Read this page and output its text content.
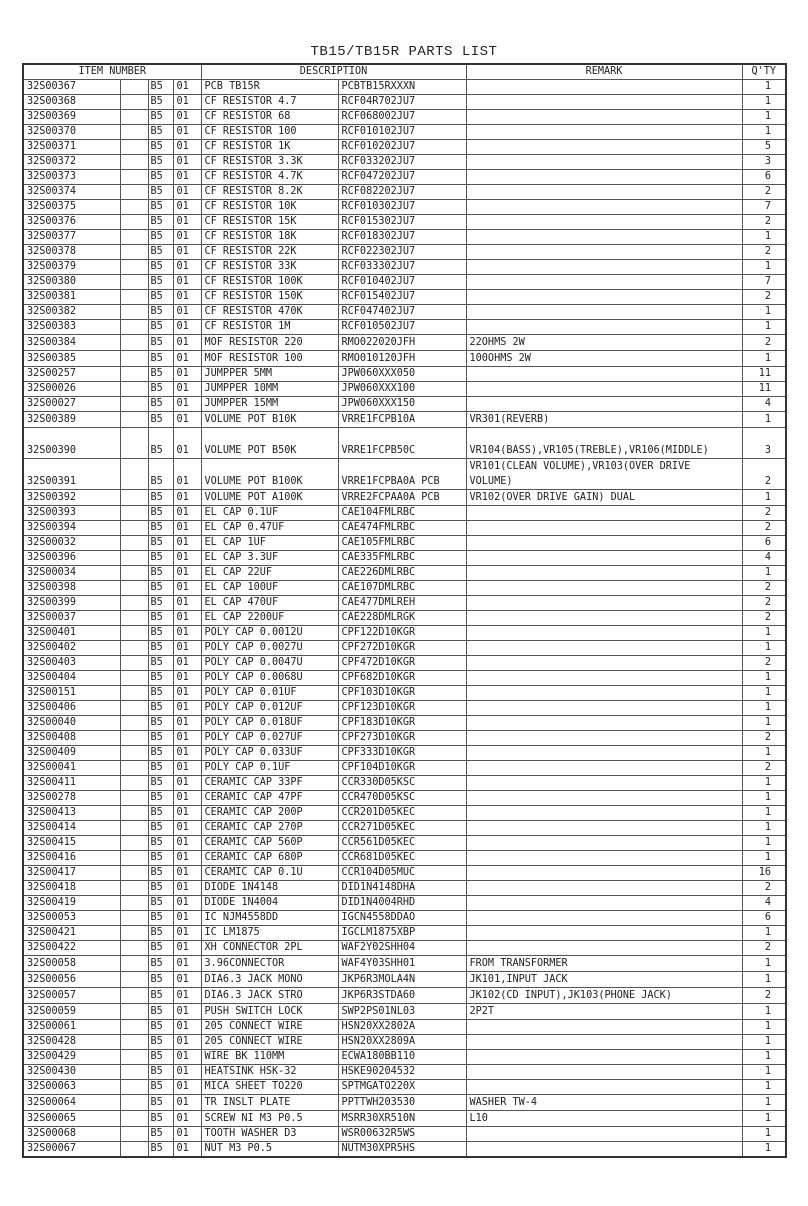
TB15/TB15R PARTS LIST
ITEM NUMBER				DESCRIPTION		REMARK	Q'TY
32S00367		B5	01	PCB TB15R	PCBTB15RXXXN		1
32S00368		B5	01	CF RESISTOR 4.7	RCF04R702JU7		1
32S00369		B5	01	CF RESISTOR 68	RCF068002JU7		1
32S00370		B5	01	CF RESISTOR 100	RCF010102JU7		1
32S00371		B5	01	CF RESISTOR 1K	RCF010202JU7		5
32S00372		B5	01	CF RESISTOR 3.3K	RCF033202JU7		3
32S00373		B5	01	CF RESISTOR 4.7K	RCF047202JU7		6
32S00374		B5	01	CF RESISTOR 8.2K	RCF082202JU7		2
32S00375		B5	01	CF RESISTOR 10K	RCF010302JU7		7
32S00376		B5	01	CF RESISTOR 15K	RCF015302JU7		2
32S00377		B5	01	CF RESISTOR 18K	RCF018302JU7		1
32S00378		B5	01	CF RESISTOR 22K	RCF022302JU7		2
32S00379		B5	01	CF RESISTOR 33K	RCF033302JU7		1
32S00380		B5	01	CF RESISTOR 100K	RCF010402JU7		7
32S00381		B5	01	CF RESISTOR 150K	RCF015402JU7		2
32S00382		B5	01	CF RESISTOR 470K	RCF047402JU7		1
32S00383		B5	01	CF RESISTOR 1M	RCF010502JU7		1
32S00384		B5	01	MOF RESISTOR 220	RMO022020JFH	22OHMS 2W	2
32S00385		B5	01	MOF RESISTOR 100	RMO010120JFH	100OHMS 2W	1
32S00257		B5	01	JUMPPER 5MM	JPW060XXX050		11
32S00026		B5	01	JUMPPER 10MM	JPW060XXX100		11
32S00027		B5	01	JUMPPER 15MM	JPW060XXX150		4
32S00389		B5	01	VOLUME POT B10K	VRRE1FCPB10A	VR301(REVERB)	1
32S00390		B5	01	VOLUME POT B50K	VRRE1FCPB50C	VR104(BASS),VR105(TREBLE),VR106(MIDDLE)	3
32S00391		B5	01	VOLUME POT B100K	VRRE1FCPBA0A PCB	VR101(CLEAN VOLUME),VR103(OVER DRIVE VOLUME)	2
32S00392		B5	01	VOLUME POT A100K	VRRE2FCPAA0A PCB	VR102(OVER DRIVE GAIN) DUAL	1
32S00393		B5	01	EL CAP 0.1UF	CAE104FMLRBC		2
32S00394		B5	01	EL CAP 0.47UF	CAE474FMLRBC		2
32S00032		B5	01	EL CAP 1UF	CAE105FMLRBC		6
32S00396		B5	01	EL CAP 3.3UF	CAE335FMLRBC		4
32S00034		B5	01	EL CAP 22UF	CAE226DMLRBC		1
32S00398		B5	01	EL CAP 100UF	CAE107DMLRBC		2
32S00399		B5	01	EL CAP 470UF	CAE477DMLREH		2
32S00037		B5	01	EL CAP 2200UF	CAE228DMLRGK		2
32S00401		B5	01	POLY CAP 0.0012U	CPF122D10KGR		1
32S00402		B5	01	POLY CAP 0.0027U	CPF272D10KGR		1
32S00403		B5	01	POLY CAP 0.0047U	CPF472D10KGR		2
32S00404		B5	01	POLY CAP 0.0068U	CPF682D10KGR		1
32S00151		B5	01	POLY CAP 0.01UF	CPF103D10KGR		1
32S00406		B5	01	POLY CAP 0.012UF	CPF123D10KGR		1
32S00040		B5	01	POLY CAP 0.018UF	CPF183D10KGR		1
32S00408		B5	01	POLY CAP 0.027UF	CPF273D10KGR		2
32S00409		B5	01	POLY CAP 0.033UF	CPF333D10KGR		1
32S00041		B5	01	POLY CAP 0.1UF	CPF104D10KGR		2
32S00411		B5	01	CERAMIC CAP 33PF	CCR330D05KSC		1
32S00278		B5	01	CERAMIC CAP 47PF	CCR470D05KSC		1
32S00413		B5	01	CERAMIC CAP 200P	CCR201D05KEC		1
32S00414		B5	01	CERAMIC CAP 270P	CCR271D05KEC		1
32S00415		B5	01	CERAMIC CAP 560P	CCR561D05KEC		1
32S00416		B5	01	CERAMIC CAP 680P	CCR681D05KEC		1
32S00417		B5	01	CERAMIC CAP 0.1U	CCR104D05MUC		16
32S00418		B5	01	DIODE 1N4148	DID1N4148DHA		2
32S00419		B5	01	DIODE 1N4004	DID1N4004RHD		4
32S00053		B5	01	IC NJM4558DD	IGCN4558DDAO		6
32S00421		B5	01	IC LM1875	IGCLM1875XBP		1
32S00422		B5	01	XH CONNECTOR 2PL	WAF2Y02SHH04		2
32S00058		B5	01	3.96CONNECTOR	WAF4Y03SHH01	FROM TRANSFORMER	1
32S00056		B5	01	DIA6.3 JACK MONO	JKP6R3MOLA4N	JK101,INPUT JACK	1
32S00057		B5	01	DIA6.3 JACK STRO	JKP6R3STDA60	JK102(CD INPUT),JK103(PHONE JACK)	2
32S00059		B5	01	PUSH SWITCH LOCK	SWP2PS01NL03	2P2T	1
32S00061		B5	01	205 CONNECT WIRE	HSN20XX2802A		1
32S00428		B5	01	205 CONNECT WIRE	HSN20XX2809A		1
32S00429		B5	01	WIRE BK 110MM	ECWA180BB110		1
32S00430		B5	01	HEATSINK HSK-32	HSKE90204532		1
32S00063		B5	01	MICA SHEET TO220	SPTMGATO220X		1
32S00064		B5	01	TR INSLT PLATE	PPTTWH203530	WASHER TW-4	1
32S00065		B5	01	SCREW NI M3 P0.5	MSRR30XR510N	L10	1
32S00068		B5	01	TOOTH WASHER D3	WSR00632R5WS		1
32S00067		B5	01	NUT M3 P0.5	NUTM30XPR5HS		1
